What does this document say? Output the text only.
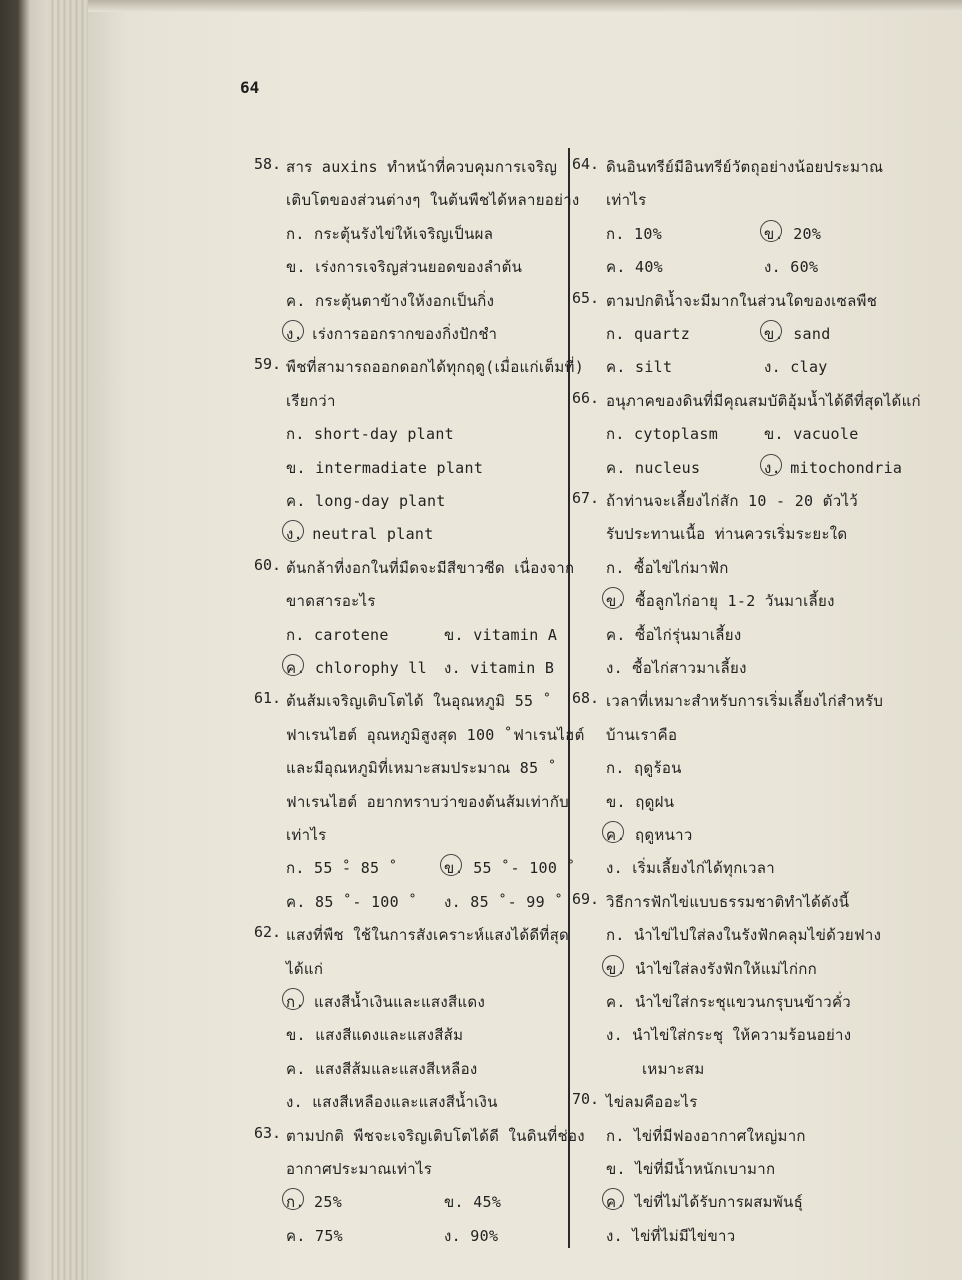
64
58. สาร auxins ทำหน้าที่ควบคุมการเจริญ
เติบโตของส่วนต่างๆ ในต้นพืชได้หลายอย่าง
ก. กระตุ้นรังไข่ให้เจริญเป็นผล
ข. เร่งการเจริญส่วนยอดของลำต้น
ค. กระตุ้นตาข้างให้งอกเป็นกิ่ง
ง. เร่งการออกรากของกิ่งปักชำ
59. พืชที่สามารถออกดอกได้ทุกฤดู(เมื่อแก่เต็มที่)
เรียกว่า
ก. short-day plant
ข. intermadiate plant
ค. long-day plant
ง. neutral plant
60. ต้นกล้าที่งอกในที่มืดจะมีสีขาวซีด เนื่องจาก
ขาดสารอะไร
ก. carotene	ข. vitamin A
ค. chlorophy ll ง. vitamin B
61. ต้นส้มเจริญเติบโตได้ ในอุณหภูมิ 55 ̊
ฟาเรนไฮต์ อุณหภูมิสูงสุด 100 ̊ ฟาเรนไฮต์
และมีอุณหภูมิที่เหมาะสมประมาณ 85 ̊
ฟาเรนไฮต์ อยากทราบว่าของต้นส้มเท่ากับ
เท่าไร
ก. 55 ̊- 85 ̊	ข. 55 ̊ - 100 ̊
ค. 85 ̊ - 100 ̊ ง. 85 ̊ - 99 ̊
62. แสงที่พืช ใช้ในการสังเคราะห์แสงได้ดีที่สุด
ได้แก่
ก. แสงสีน้ำเงินและแสงสีแดง
ข. แสงสีแดงและแสงสีส้ม
ค. แสงสีส้มและแสงสีเหลือง
ง. แสงสีเหลืองและแสงสีน้ำเงิน
63. ตามปกติ พืชจะเจริญเติบโตได้ดี ในดินที่ช่อง
อากาศประมาณเท่าไร
ก. 25%	ข. 45%
ค. 75%	ง. 90%
64. ดินอินทรีย์มีอินทรีย์วัตถุอย่างน้อยประมาณ
เท่าไร
ก. 10%	ข. 20%
ค. 40%	ง. 60%
65. ตามปกติน้ำจะมีมากในส่วนใดของเซลพืช
ก. quartz	ข. sand
ค. silt	ง. clay
66. อนุภาคของดินที่มีคุณสมบัติอุ้มน้ำได้ดีที่สุดได้แก่
ก. cytoplasm	ข. vacuole
ค. nucleus	ง. mitochondria
67. ถ้าท่านจะเลี้ยงไก่สัก 10 - 20 ตัวไว้
รับประทานเนื้อ ท่านควรเริ่มระยะใด
ก. ซื้อไข่ไก่มาฟัก
ข. ซื้อลูกไก่อายุ 1-2 วันมาเลี้ยง
ค. ซื้อไก่รุ่นมาเลี้ยง
ง. ซื้อไก่สาวมาเลี้ยง
68. เวลาที่เหมาะสำหรับการเริ่มเลี้ยงไก่สำหรับ
บ้านเราคือ
ก. ฤดูร้อน
ข. ฤดูฝน
ค. ฤดูหนาว
ง. เริ่มเลี้ยงไก่ได้ทุกเวลา
69. วิธีการฟักไข่แบบธรรมชาติทำได้ดังนี้
ก. นำไข่ไปใส่ลงในรังฟักคลุมไข่ด้วยฟาง
ข. นำไข่ใส่ลงรังฟักให้แม่ไก่กก
ค. นำไข่ใส่กระชุแขวนกรุบนข้าวคั่ว
ง. นำไข่ใส่กระชุ ให้ความร้อนอย่าง
เหมาะสม
70. ไข่ลมคืออะไร
ก. ไข่ที่มีฟองอากาศใหญ่มาก
ข. ไข่ที่มีน้ำหนักเบามาก
ค. ไข่ที่ไม่ได้รับการผสมพันธุ์
ง. ไข่ที่ไม่มีไข่ขาว
